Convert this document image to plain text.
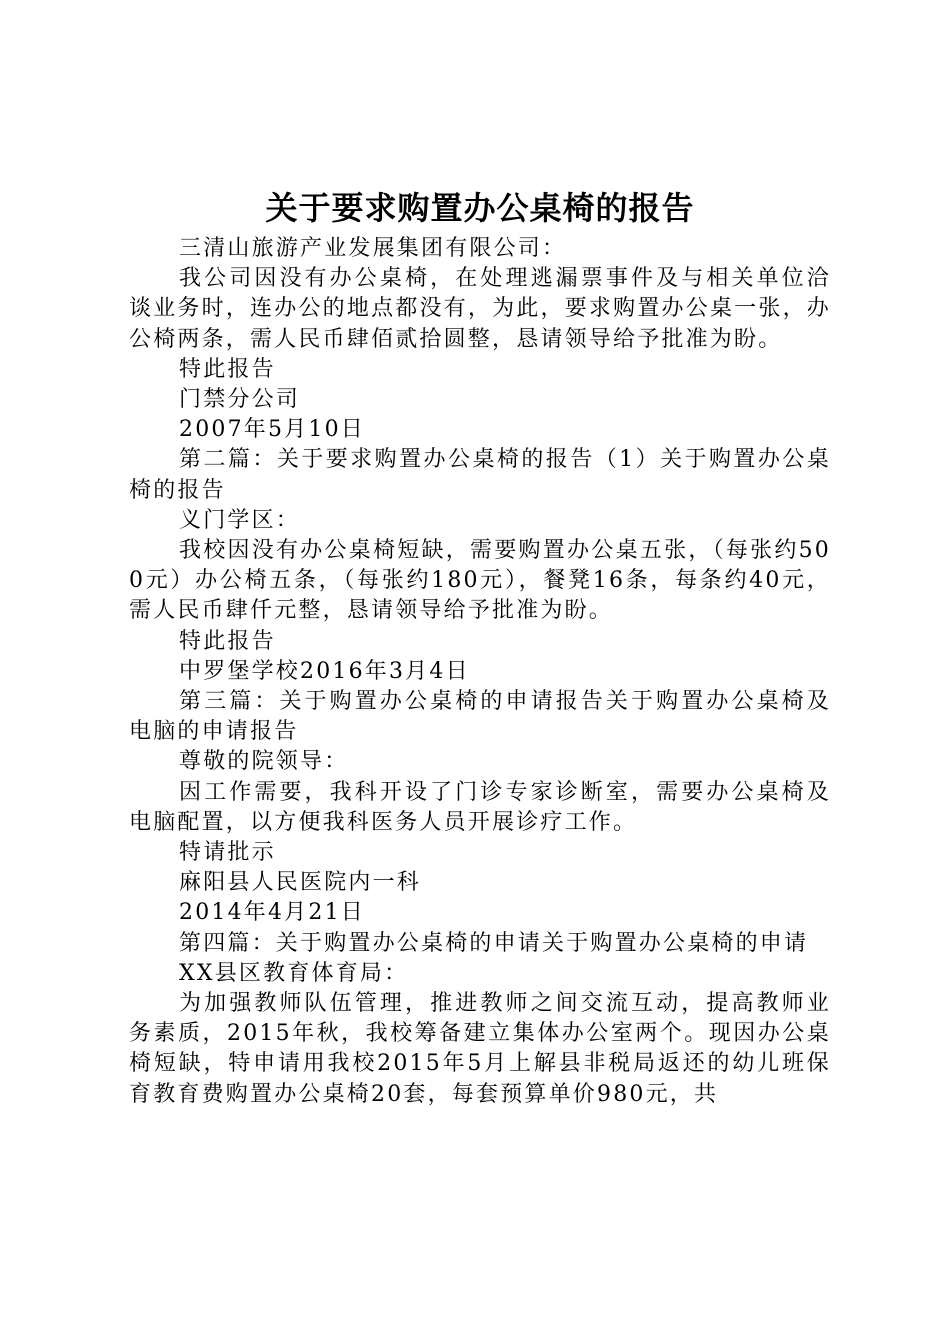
关于要求购置办公桌椅的报告

三清山旅游产业发展集团有限公司：

我公司因没有办公桌椅，在处理逃漏票事件及与相关单位洽谈业务时，连办公的地点都没有，为此，要求购置办公桌一张，办公椅两条，需人民币肆佰贰拾圆整，恳请领导给予批准为盼。

特此报告

门禁分公司

2007年5月10日

第二篇：关于要求购置办公桌椅的报告（1）关于购置办公桌椅的报告

义门学区：

我校因没有办公桌椅短缺，需要购置办公桌五张，（每张约500元）办公椅五条，（每张约180元），餐凳16条，每条约40元，需人民币肆仟元整，恳请领导给予批准为盼。

特此报告

中罗堡学校2016年3月4日

第三篇：关于购置办公桌椅的申请报告关于购置办公桌椅及电脑的申请报告

尊敬的院领导：

因工作需要，我科开设了门诊专家诊断室，需要办公桌椅及电脑配置，以方便我科医务人员开展诊疗工作。

特请批示

麻阳县人民医院内一科

2014年4月21日

第四篇：关于购置办公桌椅的申请关于购置办公桌椅的申请

XX县区教育体育局：

为加强教师队伍管理，推进教师之间交流互动，提高教师业务素质，2015年秋，我校筹备建立集体办公室两个。现因办公桌椅短缺，特申请用我校2015年5月上解县非税局返还的幼儿班保育教育费购置办公桌椅20套，每套预算单价980元，共
